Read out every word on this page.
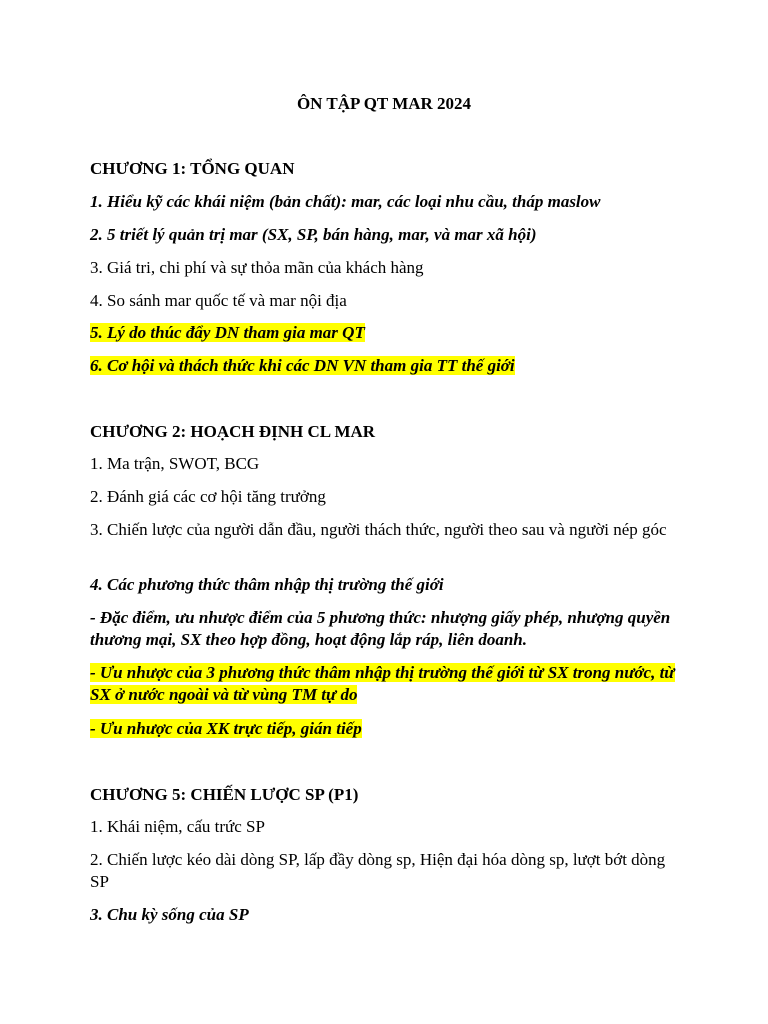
ÔN TẬP QT MAR 2024
CHƯƠNG 1: TỔNG QUAN
1. Hiểu kỹ các khái niệm (bản chất): mar, các loại nhu cầu, tháp maslow
2. 5 triết lý quản trị mar (SX, SP, bán hàng, mar, và mar xã hội)
3. Giá tri, chi phí và sự thỏa mãn của khách hàng
4. So sánh mar quốc tế và mar nội địa
5. Lý do thúc đẩy DN tham gia mar QT
6. Cơ hội và thách thức khi các DN VN tham gia TT thế giới
CHƯƠNG 2: HOẠCH ĐỊNH CL MAR
1. Ma trận, SWOT, BCG
2. Đánh giá các cơ hội tăng trưởng
3. Chiến lược của người dẫn đầu, người thách thức, người theo sau và người nép góc
4. Các phương thức thâm nhập thị trường thế giới
- Đặc điểm, ưu nhược điểm của 5 phương thức: nhượng giấy phép, nhượng quyền thương mại, SX theo hợp đồng, hoạt động lắp ráp, liên doanh.
- Ưu nhược của 3 phương thức thâm nhập thị trường thế giới từ SX trong nước, từ SX ở nước ngoài và từ vùng TM tự do
- Ưu nhược của XK trực tiếp, gián tiếp
CHƯƠNG 5: CHIẾN LƯỢC SP (P1)
1. Khái niệm, cấu trức SP
2. Chiến lược kéo dài dòng SP, lấp đầy dòng sp, Hiện đại hóa dòng sp, lượt bớt dòng SP
3. Chu kỳ sống của SP
